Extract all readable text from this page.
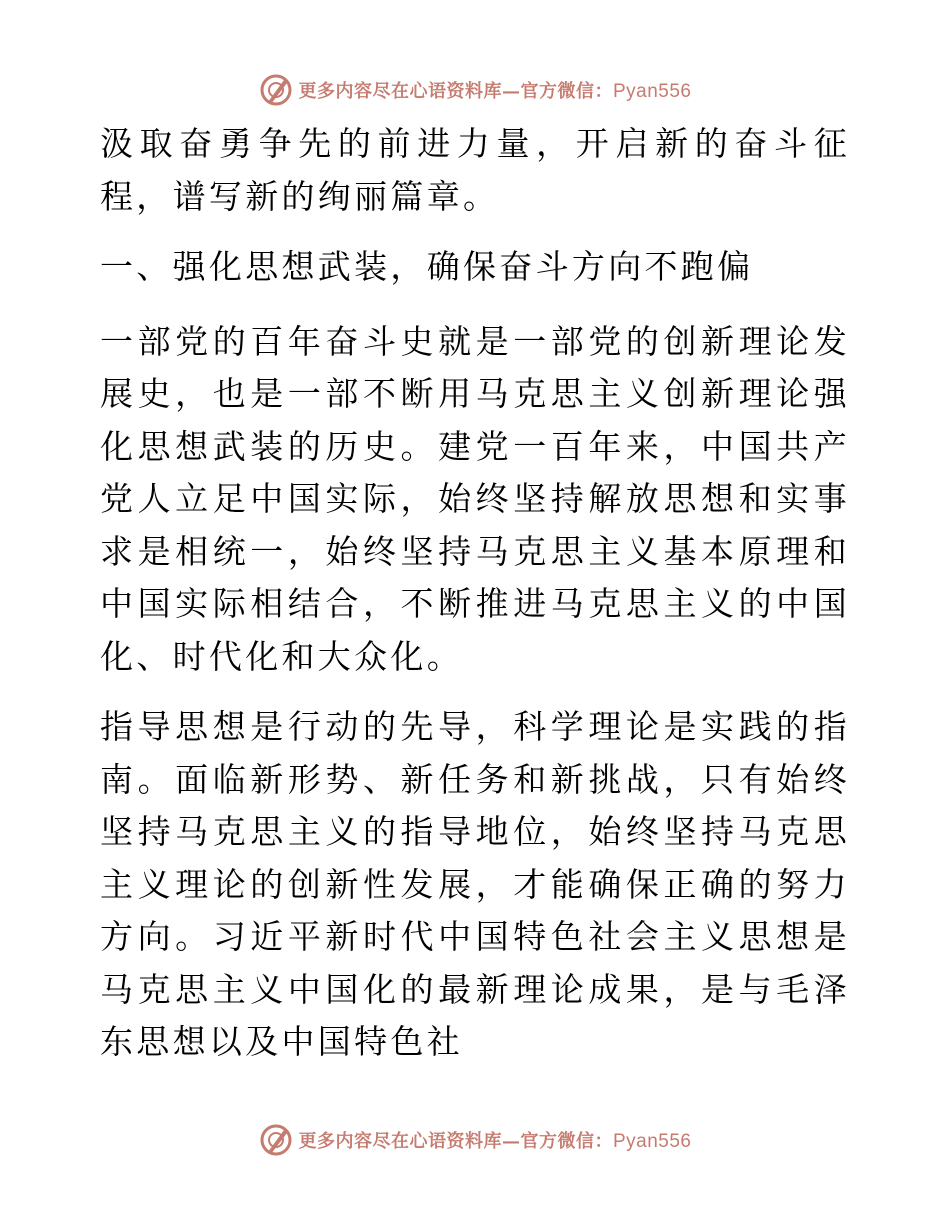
更多内容尽在心语资料库—官方微信：Pyan556

汲取奋勇争先的前进力量，开启新的奋斗征程，谱写新的绚丽篇章。

一、强化思想武装，确保奋斗方向不跑偏

一部党的百年奋斗史就是一部党的创新理论发展史，也是一部不断用马克思主义创新理论强化思想武装的历史。建党一百年来，中国共产党人立足中国实际，始终坚持解放思想和实事求是相统一，始终坚持马克思主义基本原理和中国实际相结合，不断推进马克思主义的中国化、时代化和大众化。

指导思想是行动的先导，科学理论是实践的指南。面临新形势、新任务和新挑战，只有始终坚持马克思主义的指导地位，始终坚持马克思主义理论的创新性发展，才能确保正确的努力方向。习近平新时代中国特色社会主义思想是马克思主义中国化的最新理论成果，是与毛泽东思想以及中国特色社

更多内容尽在心语资料库—官方微信：Pyan556
